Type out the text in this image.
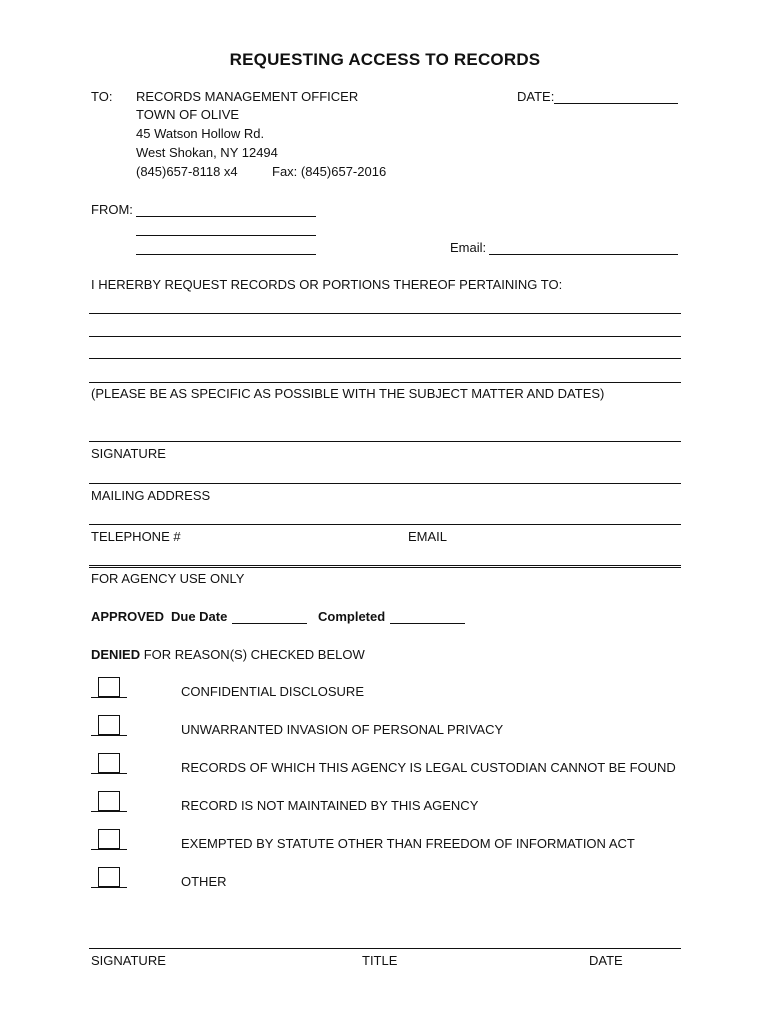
REQUESTING ACCESS TO RECORDS
TO: RECORDS MANAGEMENT OFFICER
TOWN OF OLIVE
45 Watson Hollow Rd.
West Shokan, NY 12494
(845)657-8118 x4	Fax: (845)657-2016
DATE:
FROM:
Email:
I HERERBY REQUEST RECORDS OR PORTIONS THEREOF PERTAINING TO:
(PLEASE BE AS SPECIFIC AS POSSIBLE WITH THE SUBJECT MATTER AND DATES)
SIGNATURE
MAILING ADDRESS
TELEPHONE #	EMAIL
FOR AGENCY USE ONLY
APPROVED Due Date	Completed
DENIED FOR REASON(S) CHECKED BELOW
CONFIDENTIAL DISCLOSURE
UNWARRANTED INVASION OF PERSONAL PRIVACY
RECORDS OF WHICH THIS AGENCY IS LEGAL CUSTODIAN CANNOT BE FOUND
RECORD IS NOT MAINTAINED BY THIS AGENCY
EXEMPTED BY STATUTE OTHER THAN FREEDOM OF INFORMATION ACT
OTHER
SIGNATURE	TITLE	DATE
